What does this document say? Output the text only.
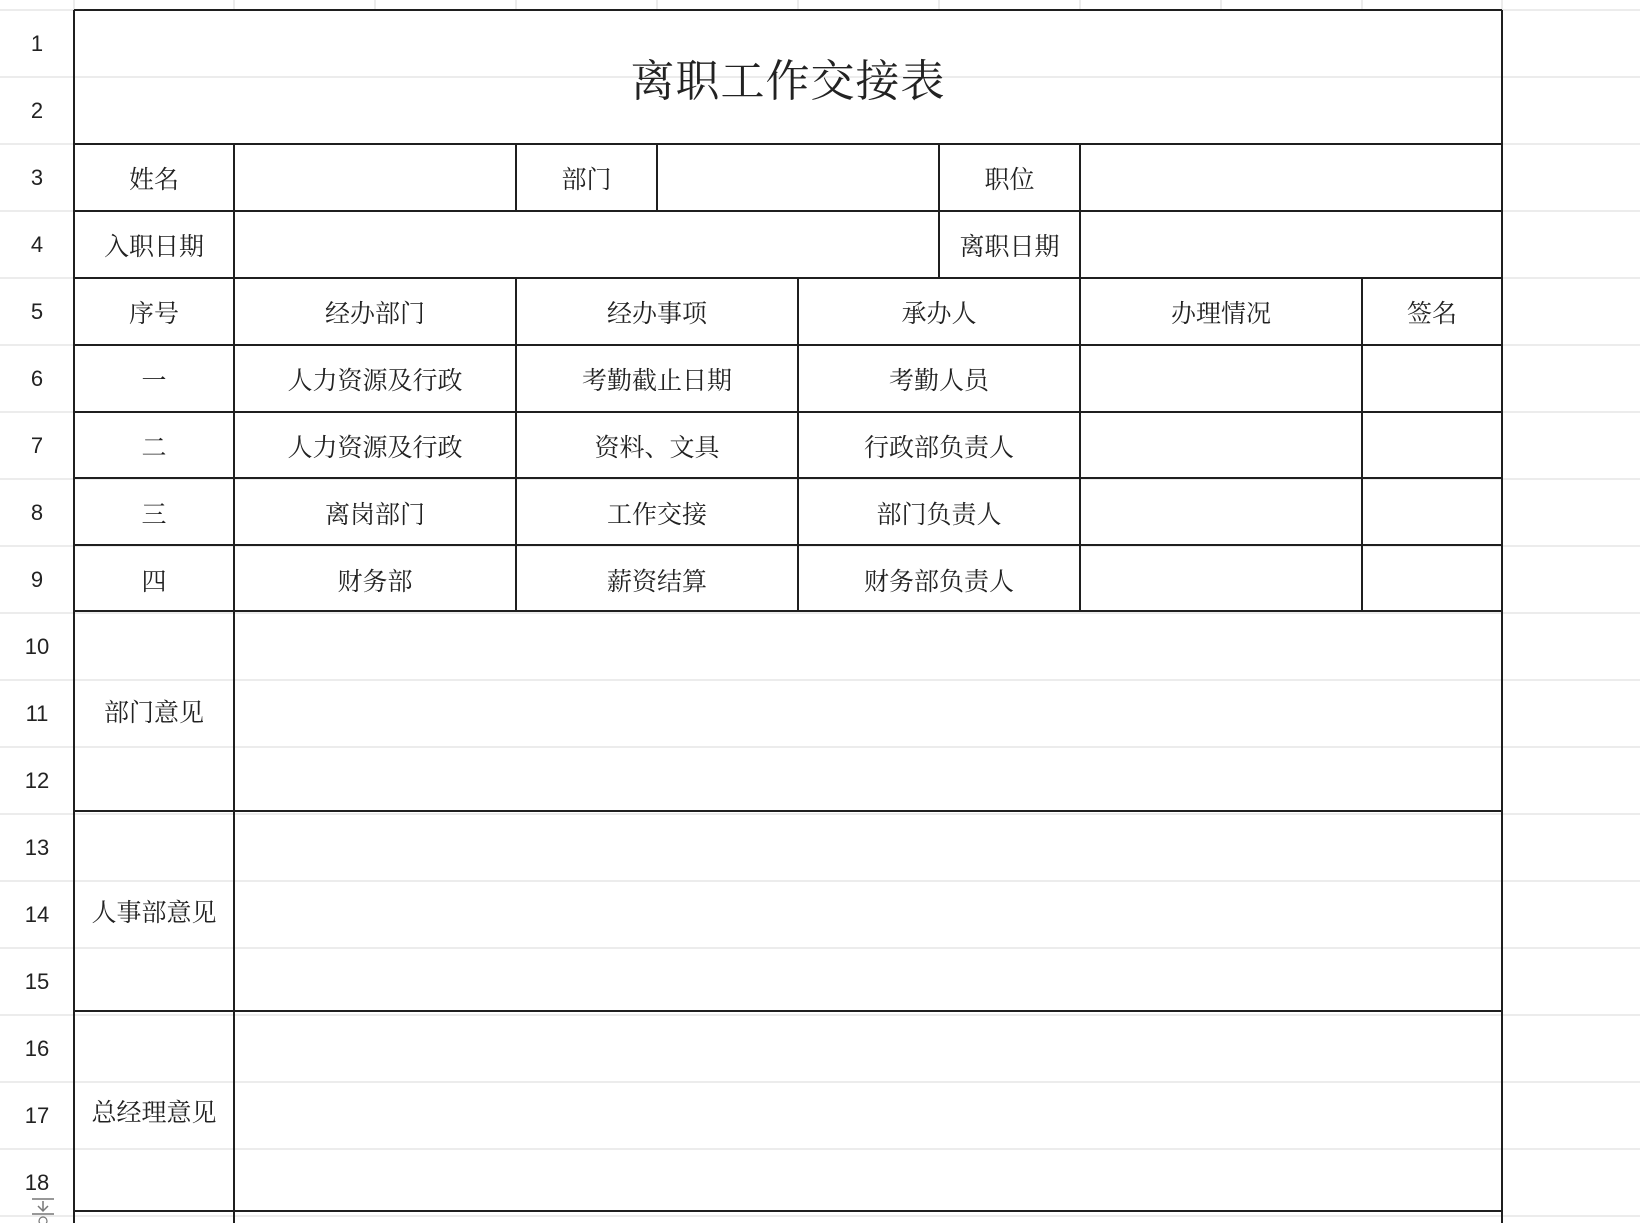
1
2
3
4
5
6
7
8
9
10
11
12
13
14
15
16
17
18
离职工作交接表
姓名	部门	职位
入职日期	离职日期
序号	经办部门	经办事项	承办人	办理情况	签名
一	人力资源及行政	考勤截止日期	考勤人员
二	人力资源及行政	资料、文具	行政部负责人
三	离岗部门	工作交接	部门负责人
四	财务部	薪资结算	财务部负责人
部门意见
人事部意见
总经理意见
